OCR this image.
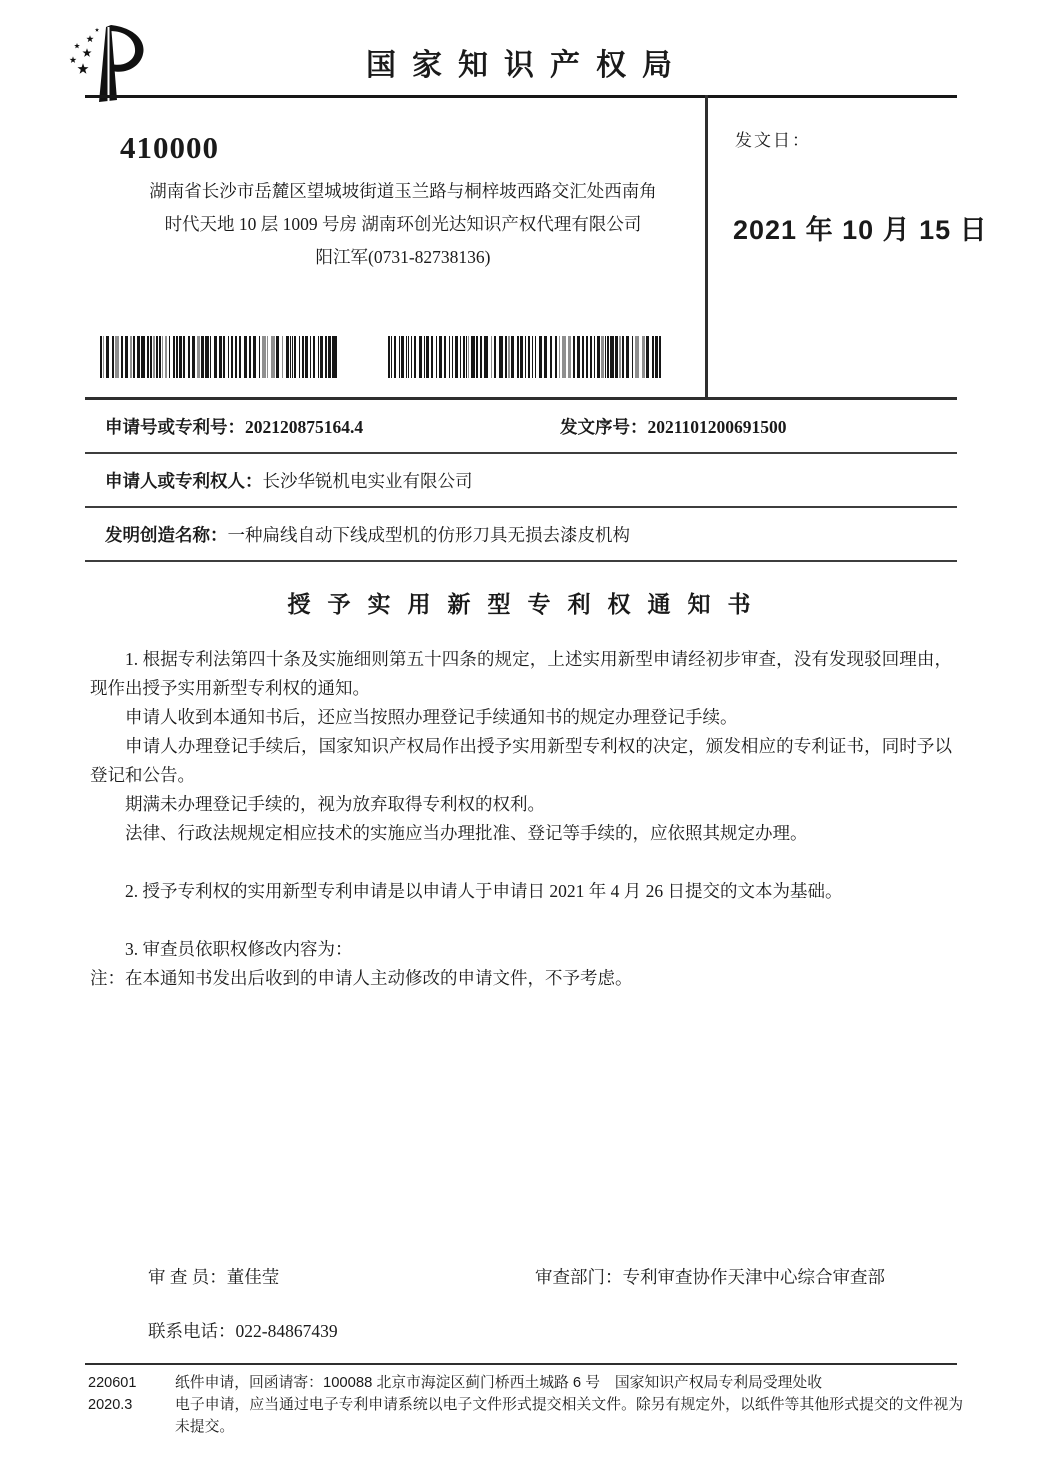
国家知识产权局
发文日：
2021 年 10 月 15 日
410000
湖南省长沙市岳麓区望城坡街道玉兰路与桐梓坡西路交汇处西南角
时代天地 10 层 1009 号房 湖南环创光达知识产权代理有限公司
阳江军(0731-82738136)
申请号或专利号：202120875164.4	发文序号：2021101200691500
申请人或专利权人：长沙华锐机电实业有限公司
发明创造名称：一种扁线自动下线成型机的仿形刀具无损去漆皮机构
授予实用新型专利权通知书

1. 根据专利法第四十条及实施细则第五十四条的规定，上述实用新型申请经初步审查，没有发现驳回理由，现作出授予实用新型专利权的通知。

申请人收到本通知书后，还应当按照办理登记手续通知书的规定办理登记手续。

申请人办理登记手续后，国家知识产权局作出授予实用新型专利权的决定，颁发相应的专利证书，同时予以登记和公告。

期满未办理登记手续的，视为放弃取得专利权的权利。

法律、行政法规规定相应技术的实施应当办理批准、登记等手续的，应依照其规定办理。

2. 授予专利权的实用新型专利申请是以申请人于申请日 2021 年 4 月 26 日提交的文本为基础。

3. 审查员依职权修改内容为：

注：在本通知书发出后收到的申请人主动修改的申请文件，不予考虑。

审 查 员：董佳莹	审查部门：专利审查协作天津中心综合审查部
联系电话：022-84867439
220601
2020.3
纸件申请，回函请寄：100088 北京市海淀区蓟门桥西土城路 6 号　国家知识产权局专利局受理处收
电子申请，应当通过电子专利申请系统以电子文件形式提交相关文件。除另有规定外，以纸件等其他形式提交的文件视为未提交。
